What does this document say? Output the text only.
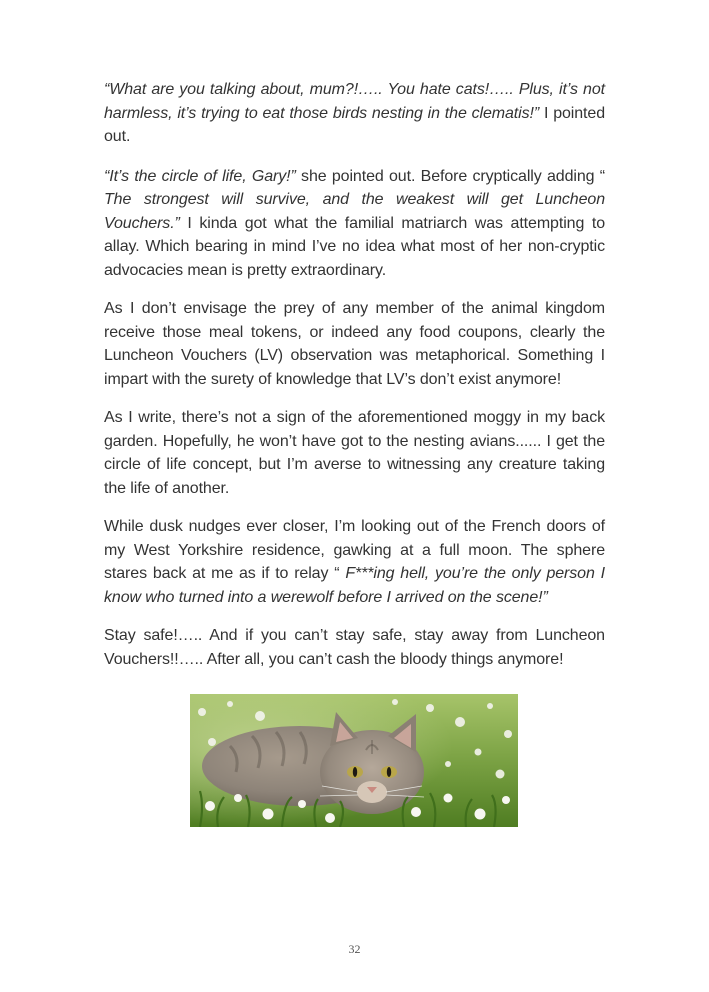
“What are you talking about, mum?!….. You hate cats!….. Plus, it’s not harmless, it’s trying to eat those birds nesting in the clematis!” I pointed out.

“It’s the circle of life, Gary!” she pointed out. Before cryptically adding “ The strongest will survive, and the weakest will get Luncheon Vouchers.” I kinda got what the familial matriarch was attempting to allay. Which bearing in mind I’ve no idea what most of her non-cryptic advocacies mean is pretty extraordinary.

As I don’t envisage the prey of any member of the animal kingdom receive those meal tokens, or indeed any food coupons, clearly the Luncheon Vouchers (LV) observation was metaphorical. Something I impart with the surety of knowledge that LV’s don’t exist anymore!

As I write, there’s not a sign of the aforementioned moggy in my back garden. Hopefully, he won’t have got to the nesting avians...... I get the circle of life concept, but I’m averse to witnessing any creature taking the life of another.

While dusk nudges ever closer, I’m looking out of the French doors of my West Yorkshire residence, gawking at a full moon. The sphere stares back at me as if to relay “ F***ing hell, you’re the only person I know who turned into a werewolf before I arrived on the scene!”

Stay safe!….. And if you can’t stay safe, stay away from Luncheon Vouchers!!….. After all, you can’t cash the bloody things anymore!

32
